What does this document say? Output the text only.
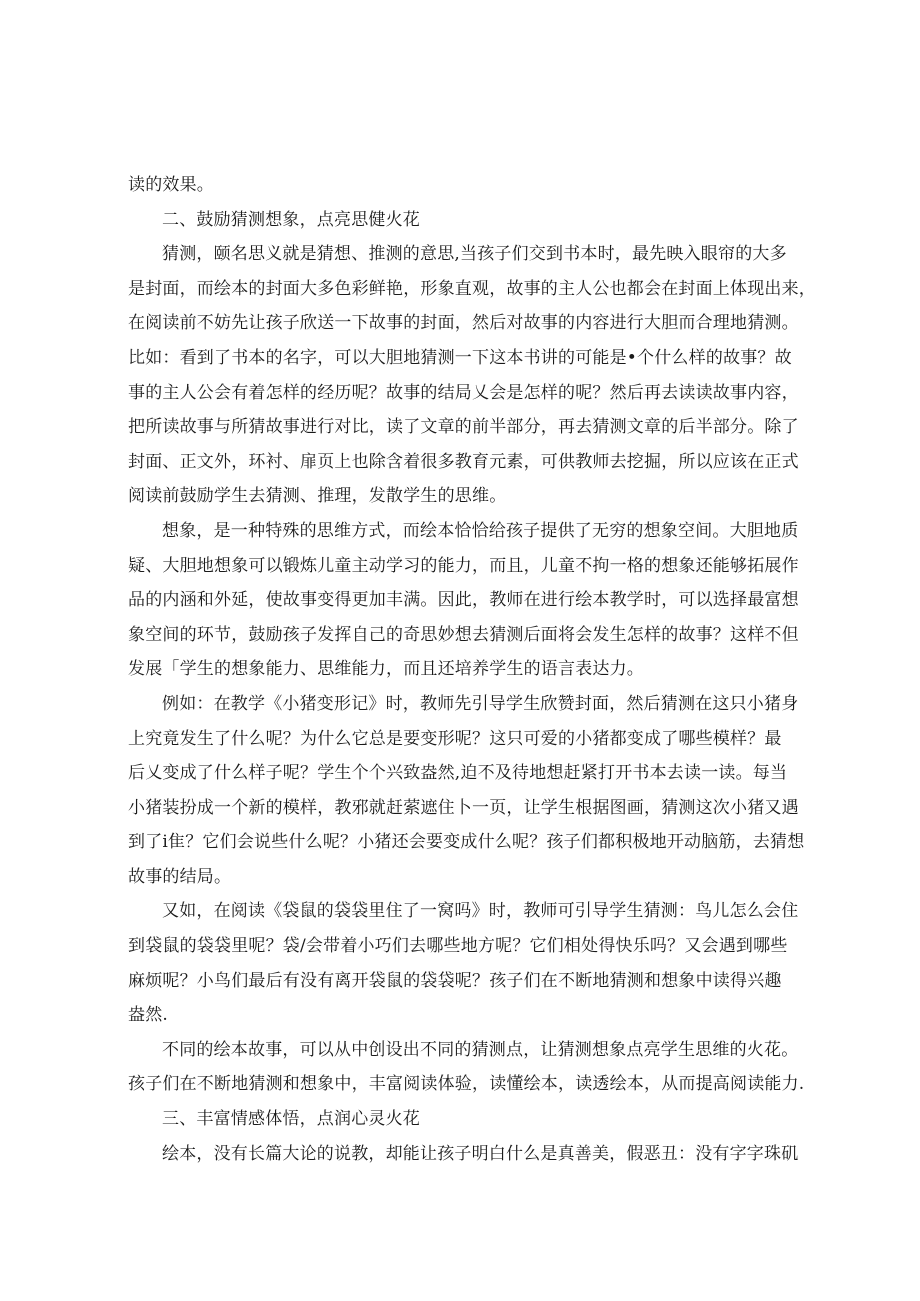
读的效果。

二、鼓励猜测想象，点亮思健火花

猜测，颐名思义就是猜想、推测的意思,当孩子们交到书本时，最先映入眼帘的大多
是封面，而绘本的封面大多色彩鲜艳，形象直观，故事的主人公也都会在封面上体现出来，
在阅读前不妨先让孩子欣送一下故事的封面，然后对故事的内容进行大胆而合理地猜测。
比如：看到了书本的名字，可以大胆地猜测一下这本书讲的可能是•个什么样的故事？故
事的主人公会有着怎样的经历呢？故事的结局乂会是怎样的呢？然后再去读读故事内容，
把所读故事与所猜故事进行对比，读了文章的前半部分，再去猜测文章的后半部分。除了
封面、正文外，环衬、扉页上也除含着很多教育元素，可供教师去挖掘，所以应该在正式
阅读前鼓励学生去猜测、推理，发散学生的思维。

想象，是一种特殊的思维方式，而绘本恰恰给孩子提供了无穷的想象空间。大胆地质
疑、大胆地想象可以锻炼儿童主动学习的能力，而且，儿童不拘一格的想象还能够拓展作
品的内涵和外延，使故事变得更加丰满。因此，教师在进行绘本教学时，可以选择最富想
象空间的环节，鼓励孩子发挥自己的奇思妙想去猜测后面将会发生怎样的故事？这样不但
发展「学生的想象能力、思维能力，而且还培养学生的语言表达力。

例如：在教学《小猪变形记》时，教师先引导学生欣赞封面，然后猜测在这只小猪身
上究竟发生了什么呢？为什么它总是要变形呢？这只可爱的小猪都变成了哪些模样？最
后乂变成了什么样子呢？学生个个兴致盎然,迫不及待地想赶紧打开书本去读一读。每当
小猪装扮成一个新的模样，教邪就赶萦遮住卜一页，让学生根据图画，猜测这次小猪又遇
到了i隹？它们会说些什么呢？小猪还会要变成什么呢？孩子们都积极地开动脑筋，去猜想
故事的结局。

又如，在阅读《袋鼠的袋袋里住了一窝吗》时，教师可引导学生猜测：鸟儿怎么会住
到袋鼠的袋袋里呢？袋/会带着小巧们去哪些地方呢？它们相处得快乐吗？又会遇到哪些
麻烦呢？小鸟们最后有没有离开袋鼠的袋袋呢？孩子们在不断地猜测和想象中读得兴趣
盎然.

不同的绘本故事，可以从中创设出不同的猜测点，让猜测想象点亮学生思维的火花。
孩子们在不断地猜测和想象中，丰富阅读体验，读懂绘本，读透绘本，从而提高阅读能力.

三、丰富情感体悟，点润心灵火花

绘本，没有长篇大论的说教，却能让孩子明白什么是真善美，假恶丑：没有字字珠矶
